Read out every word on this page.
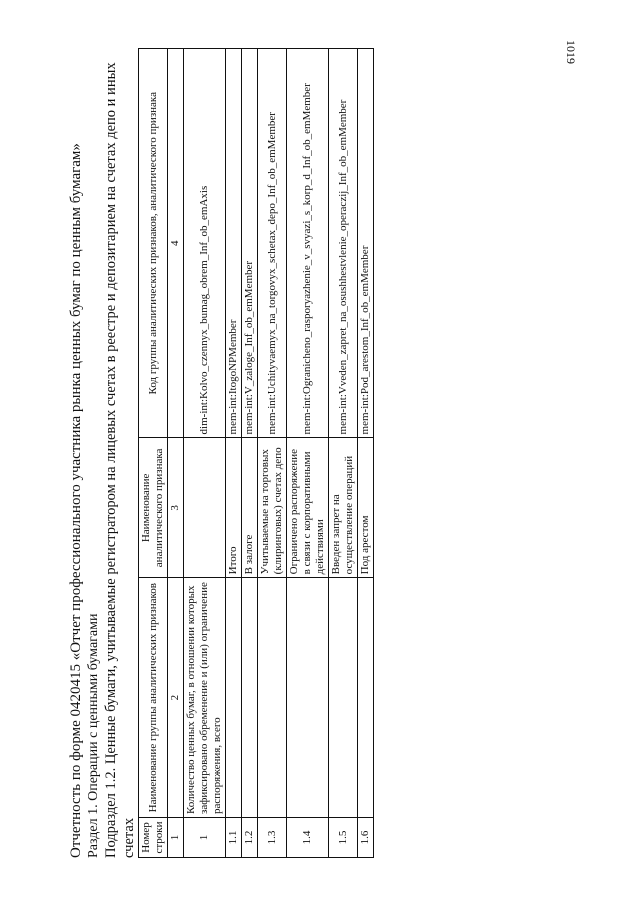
1019

Отчетность по форме 0420415 «Отчет профессионального участника рынка ценных бумаг по ценным бумагам» Раздел 1. Операции с ценными бумагами Подраздел 1.2. Ценные бумаги, учитываемые регистратором на лицевых счетах в реестре и депозитарием на счетах депо и иных счетах Номер строки	Наименование группы аналитических признаков	Наименование аналитического признака	Код группы аналитических признаков, аналитического признака
1	2	3	4
1	Количество ценных бумаг, в отношении которых зафиксировано обременение и (или) ограничение распоряжения, всего		dim-int:Kolvo_czennyx_bumag_obrem_Inf_ob_emAxis
1.1		Итого	mem-int:ItogoNPMember
1.2		В залоге	mem-int:V_zaloge_Inf_ob_emMember
1.3		Учитываемые на торговых (клиринговых) счетах депо	mem-int:Uchityvaemyx_na_torgovyx_schetax_depo_Inf_ob_emMember
1.4		Ограничено распоряжение в связи с корпоративными действиями	mem-int:Ogranicheno_rasporyazhenie_v_svyazi_s_korp_d_Inf_ob_emMember
1.5		Введен запрет на осуществление операций	mem-int:Vveden_zapret_na_osushhestvlenie_operaczij_Inf_ob_emMember
1.6		Под арестом	mem-int:Pod_arestom_Inf_ob_emMember
